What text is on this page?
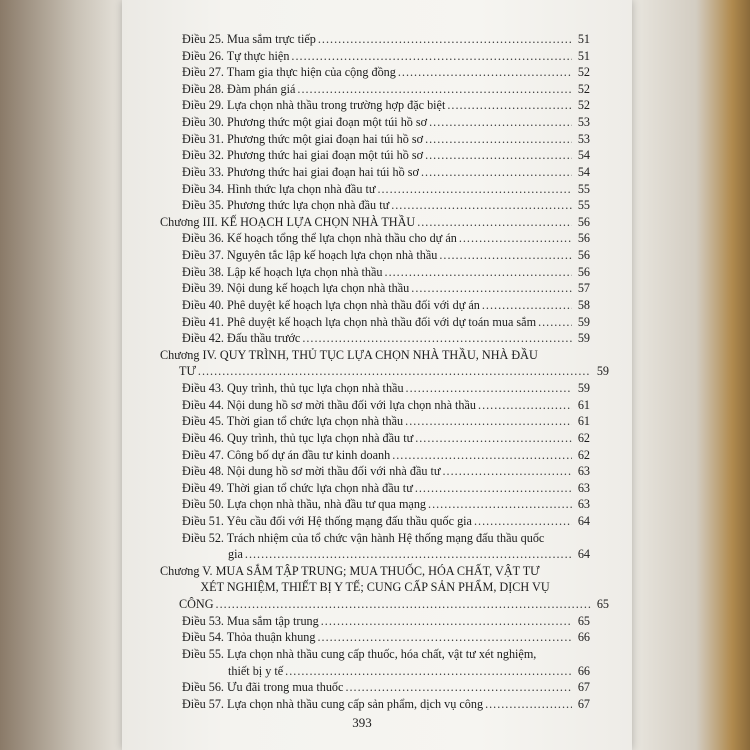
Điều 25. Mua sắm trực tiếp .....	51
Điều 26. Tự thực hiện .....	51
Điều 27. Tham gia thực hiện của cộng đồng .....	52
Điều 28. Đàm phán giá .....	52
Điều 29. Lựa chọn nhà thầu trong trường hợp đặc biệt .....	52
Điều 30. Phương thức một giai đoạn một túi hồ sơ .....	53
Điều 31. Phương thức một giai đoạn hai túi hồ sơ .....	53
Điều 32. Phương thức hai giai đoạn một túi hồ sơ .....	54
Điều 33. Phương thức hai giai đoạn hai túi hồ sơ .....	54
Điều 34. Hình thức lựa chọn nhà đầu tư .....	55
Điều 35. Phương thức lựa chọn nhà đầu tư .....	55
Chương III. KẾ HOẠCH LỰA CHỌN NHÀ THẦU .....	56
Điều 36. Kế hoạch tổng thể lựa chọn nhà thầu cho dự án .....	56
Điều 37. Nguyên tắc lập kế hoạch lựa chọn nhà thầu .....	56
Điều 38. Lập kế hoạch lựa chọn nhà thầu .....	56
Điều 39. Nội dung kế hoạch lựa chọn nhà thầu .....	57
Điều 40. Phê duyệt kế hoạch lựa chọn nhà thầu đối với dự án .....	58
Điều 41. Phê duyệt kế hoạch lựa chọn nhà thầu đối với dự toán mua sắm .....	59
Điều 42. Đấu thầu trước .....	59
Chương IV. QUY TRÌNH, THỦ TỤC LỰA CHỌN NHÀ THẦU, NHÀ ĐẦU
TƯ .....	59
Điều 43. Quy trình, thủ tục lựa chọn nhà thầu .....	59
Điều 44. Nội dung hồ sơ mời thầu đối với lựa chọn nhà thầu .....	61
Điều 45. Thời gian tổ chức lựa chọn nhà thầu .....	61
Điều 46. Quy trình, thủ tục lựa chọn nhà đầu tư .....	62
Điều 47. Công bố dự án đầu tư kinh doanh .....	62
Điều 48. Nội dung hồ sơ mời thầu đối với nhà đầu tư .....	63
Điều 49. Thời gian tổ chức lựa chọn nhà đầu tư .....	63
Điều 50. Lựa chọn nhà thầu, nhà đầu tư qua mạng .....	63
Điều 51. Yêu cầu đối với Hệ thống mạng đấu thầu quốc gia .....	64
Điều 52. Trách nhiệm của tổ chức vận hành Hệ thống mạng đấu thầu quốc
gia .....	64
Chương V. MUA SẮM TẬP TRUNG; MUA THUỐC, HÓA CHẤT, VẬT TƯ
XÉT NGHIỆM, THIẾT BỊ Y TẾ; CUNG CẤP SẢN PHẨM, DỊCH VỤ
CÔNG .....	65
Điều 53. Mua sắm tập trung .....	65
Điều 54. Thỏa thuận khung .....	66
Điều 55. Lựa chọn nhà thầu cung cấp thuốc, hóa chất, vật tư xét nghiệm,
thiết bị y tế .....	66
Điều 56. Ưu đãi trong mua thuốc .....	67
Điều 57. Lựa chọn nhà thầu cung cấp sản phẩm, dịch vụ công .....	67
393
